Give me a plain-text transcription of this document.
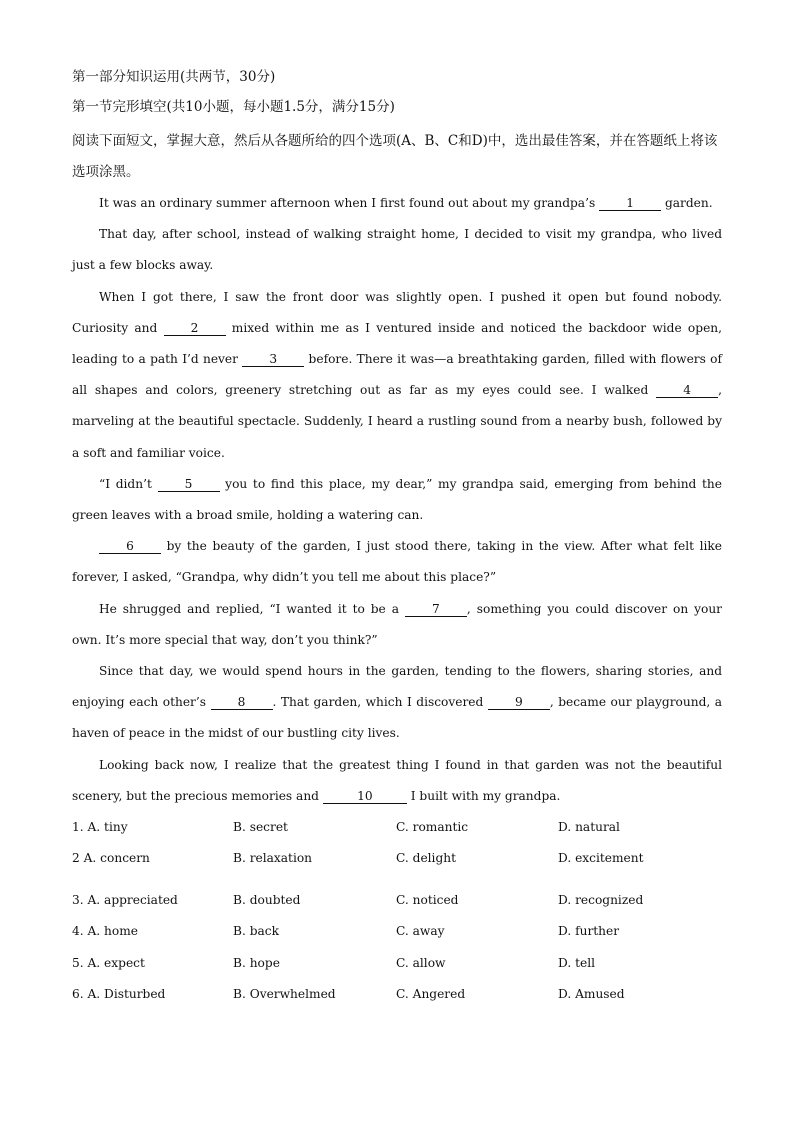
第一部分知识运用(共两节，30分)
第一节完形填空(共10小题，每小题1.5分，满分15分)
阅读下面短文，掌握大意，然后从各题所给的四个选项(A、B、C和D)中，选出最佳答案，并在答题纸上将该选项涂黑。

It was an ordinary summer afternoon when I first found out about my grandpa’s 1 garden.

That day, after school, instead of walking straight home, I decided to visit my grandpa, who lived just a few blocks away.

When I got there, I saw the front door was slightly open. I pushed it open but found nobody. Curiosity and 2 mixed within me as I ventured inside and noticed the backdoor wide open, leading to a path I’d never 3 before. There it was—a breathtaking garden, filled with flowers of all shapes and colors, greenery stretching out as far as my eyes could see. I walked 4 , marveling at the beautiful spectacle. Suddenly, I heard a rustling sound from a nearby bush, followed by a soft and familiar voice.

“I didn’t 5 you to find this place, my dear,” my grandpa said, emerging from behind the green leaves with a broad smile, holding a watering can.

6 by the beauty of the garden, I just stood there, taking in the view. After what felt like forever, I asked, “Grandpa, why didn’t you tell me about this place?”

He shrugged and replied, “I wanted it to be a 7 , something you could discover on your own. It’s more special that way, don’t you think?”

Since that day, we would spend hours in the garden, tending to the flowers, sharing stories, and enjoying each other’s 8 . That garden, which I discovered 9 , became our playground, a haven of peace in the midst of our bustling city lives.

Looking back now, I realize that the greatest thing I found in that garden was not the beautiful scenery, but the precious memories and	10	I built with my grandpa.

1. A. tiny	B. secret	C. romantic	D. natural
2 A. concern	B. relaxation	C. delight	D. excitement
3. A. appreciated	B. doubted	C. noticed	D. recognized
4. A. home	B. back	C. away	D. further
5. A. expect	B. hope	C. allow	D. tell
6. A. Disturbed	B. Overwhelmed	C. Angered	D. Amused
